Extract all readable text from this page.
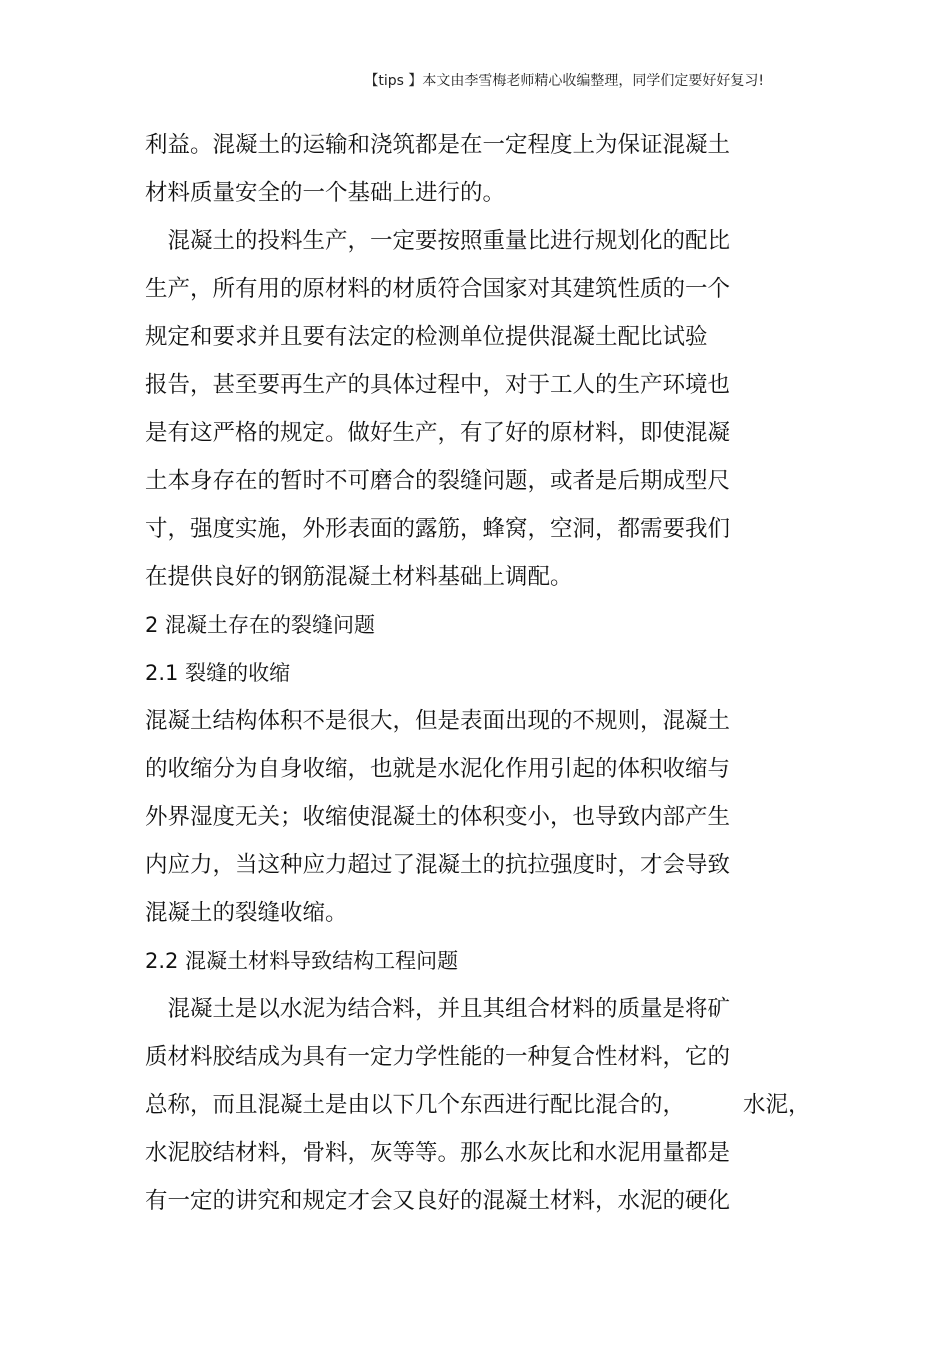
【tips 】本文由李雪梅老师精心收编整理，同学们定要好好复习!
利益。混凝土的运输和浇筑都是在一定程度上为保证混凝土
材料质量安全的一个基础上进行的。
　混凝土的投料生产，一定要按照重量比进行规划化的配比
生产，所有用的原材料的材质符合国家对其建筑性质的一个
规定和要求并且要有法定的检测单位提供混凝土配比试验
报告，甚至要再生产的具体过程中，对于工人的生产环境也
是有这严格的规定。做好生产，有了好的原材料，即使混凝
土本身存在的暂时不可磨合的裂缝问题，或者是后期成型尺
寸，强度实施，外形表面的露筋，蜂窝，空洞，都需要我们
在提供良好的钢筋混凝土材料基础上调配。
2 混凝土存在的裂缝问题
2.1 裂缝的收缩
混凝土结构体积不是很大，但是表面出现的不规则，混凝土
的收缩分为自身收缩，也就是水泥化作用引起的体积收缩与
外界湿度无关；收缩使混凝土的体积变小，也导致内部产生
内应力，当这种应力超过了混凝土的抗拉强度时，才会导致
混凝土的裂缝收缩。
2.2 混凝土材料导致结构工程问题
　混凝土是以水泥为结合料，并且其组合材料的质量是将矿
质材料胶结成为具有一定力学性能的一种复合性材料，它的
总称，而且混凝土是由以下几个东西进行配比混合的，	水泥，
水泥胶结材料，骨料，灰等等。那么水灰比和水泥用量都是
有一定的讲究和规定才会又良好的混凝土材料，水泥的硬化
